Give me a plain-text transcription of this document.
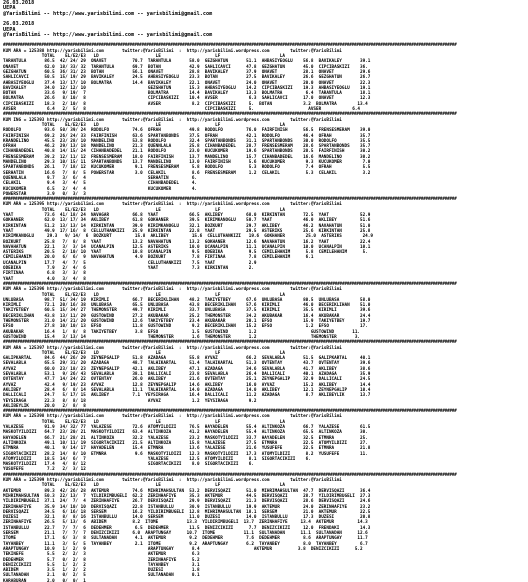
26.03.2018
UEPA
@YarisBilimi -- http://www.yarisbilimi.com -- yarisbilimi@gmail.com
26.03.2018
UEPA
@YarisBilimi -- http://www.yarisbilimi.com -- yarisbilimi@gmail.com
##############################################################################################################################################################################################
KUM ARA = 125388 http://yarisbilimi.com       twitter:@YarisBilimi  :  http://yarisbilimi.wordpress.com        twitter:@YarisBilimi
TOTAL    EL/E2/E3   LD                      LE                     LF                       LA
TARANTULA       86.5  42/ 24/ 29  ONAVET          70.7  TARANTULA       58.0  GEZGHATUN       51.1  AHBASIYEOGLU    56.8  BAVIKALEY       39.1
ONAVET          62.0  18/ 33/ 32  TARANTULA       69.7  BOTAN           42.9  SAHLICAVCI      47.8  GEZGHATUN       45.0  CIPCIBASKIZI    36.
GEZGHATUN       60.5  36/ 31/ 23  BOTAN           56.1  ONAVET          28.8  BAVIKALEY       37.9  ONAVET          28.1  ONAVET          29.6
SAHLICAVCI      50.5  15/ 19/ 29  BAVIKALEY       24.5  AHBASIYEOGLU    23.3  BOTAN           27.5  BAVIKALEY       26.6  GEZGHATUN       26.7
AHBASIYEOGLU    37.4  13/ 17/ 10  BOLMATRA        14.4  BAVIKALEY       22.1  ONAVET          24.0  ONAVET          20.0  ONAVET          22.3
BAVIKALEY       34.0  12/ 12/ 10                        GEZGHATUN       15.3  AHBASIYEOGLU    14.2  CIPCIBASKIZI    19.3  AHBASIYEOGLU    19.1
BOTAN           33.6   9/ 19/  7                        BOLMATRA        14.4  BAVIKALEY       13.3  BOLMATRA         6.4  TARANTULA       18.1
BOLMATRA        26.6   8/ 10/  8                        CIPCIBASKIZI    10.4  AVSER            6.3  SAHLICAVCI      17.0  ONAVET          12.3
CIPCIBASKIZI    18.3   2/ 10/  8                        AVSER            8.2  CIPCIBASKIZI     5.  BOTAN            3.2  BOLMATRA        13.4
AVSER            6.4   2/  5/  8                                              CIPCIBASKIZI     5.                     AVSER            6.4
##############################################################################################################################################################################################
KUM ING = 125393 http://yarisbilimi.com       twitter:@YarisBilimi  :  http://yarisbilimi.wordpress.com        twitter:@YarisBilimi
TOTAL    EL/E2/E3   LD                      LE                     LF                       LA
RODOLFO         93.6  50/ 39/ 24  RODOLFO         74.6  OFRAH           49.8  RODOLFO         76.0  FAIRFINISH      56.5  FRENSESMERAM    39.0
FAIRFINISH      69.2  26/ 24/ 33  FAIRFINISH      63.6  SPARTANBONDS    37.5  OFRAH           42.1  RODOLFO         46.4  OFRAH           35.7
KRANDELINO      45.5  23/ 28/ 10  MANDELINO       53.8  RODOLFO         32.4  SPARTANBONDS    31.1  SPARTANBONDS    30.0  RODOLFO         35.5
OFRAH           46.2  29/ 13/ 18  MANDELINO       21.3  QUENNLALA       25.8  CIHANBADEDEL    28.7  FRENSESMERAM    28.6  SPARTANBONDS    35.7
CIHANBADEDEL    40.8  14/ 15/ 24  CIHANBADEDEL    21.1  RODOLFO         23.0  KUCUKOMER       19.6  SPARTANBONDS    20.5  FAIRFINISH      30.2
FRENSESMERAM    39.2  12/ 11/ 12  FRENSESMERAM    18.0  FAIRFINISH      13.7  MANDELINO       15.7  CIHANBADEDEL    16.6  MANDELINO       30.2
MANDELINO       29.3  10/ 15/ 11  SPARTANBONDS    13.7  MANDELINO       13.0  FAIRFINISH       5.6  KUCUKOMER        9.3  KUCUKOMER        7.0
SPARTANBONDS    26.1   7/ 18/ 12  KUCUKOMER        9.1  FRENSESMERAM     5.8  RODOLFO          5.3  RODOLFO          7.4  OFRAH            5.5
SERHATIN        16.6   7/  8/  5  POWERSTAR        3.0  CELAKIL          8.6  FRENSESMERAM     1.2  CELAKIL          5.3  CELAKIL          3.2
QUENNLALA        9.7   3/  6/  4                        SERHATIN         6.
CELAKIL          9.4   3/  4/  5                        CIHANBADEDEL     4.
KUCUKOMER        6.5   2/  4/  4                        KUCUKOMER        4.
POWERSTAR        3.9   0/  3/  3
##############################################################################################################################################################################################
KUM ARA = 125395 http://yarisbilimi.com       twitter:@YarisBilimi  :  http://yarisbilimi.wordpress.com        twitter:@YarisBilimi
TOTAL    EL/E2/E3   LD                      LE                     LF                       LA
YAAT            73.6  41/ 18/ 24  NAVAGAR         66.8  YAAT            66.5  AKLIBEY         68.0  KIRKINTAN       72.5  YAAT            52.9
GOKHANER        62.0  13/ 17/ 34  AKLIBEY         61.8  GOKHANER        39.5  KIRIMKANOGLU    50.7  YAAT            46.0  AKLIBEY         51.6
KIRKINTAN       51.2  13/ 13/ 14  KIRKINTAN       39.9  KIRIMKANOGLU    32.1  BOZKURT         29.7  AKLIBEY         46.2  NAVAHATUN       51.0
YAAT            49.9  17/ 16/  8  CELLUTHANKIZI   25.9  KIRKINTAN       22.8  YAAT            29.5  ASTERIKS        25.6  KIRKINTAN       25.8
KIRIMKANOGLU     29.3   9/ 14/  6  BOZKURT         15.8  AKLIBEY         15.6  CELLUTHANKIZI   19.6  GOKHANER        25.0  ASTERIKS        24.9
BOZKURT         25.8   7/  8/  8  YAAT            13.2  NAVAHATUN       13.2  GOKHANER        12.6  NAVAHATUN       16.2  YAAT            22.4
NAVAHATUN       22.1   3/  3/ 14  UCANALPIN       12.5  ASTERIKS        10.0  UCANALPIN       11.1  UCANALPIN       10.0  UCANALPIN       10.1
ASTERIKS        20.5   2/ 10/ 10  YAAT            10.8  UCANALPIN        9.5  ODEBIKA          9.5  CEMILEHANIM      5.8  CEMILEHANIM      5.
CEMILEHANIM     20.0   6/  6/  9  NAVAHATUN        4.9  BOZKURT          7.8  FIRTINAA         7.8  CEMILEHANIM      6.1
UCANALPIN       17.7   4/  7/  5                        CELLUTHANKIZI    7.5  YAAT             2.9
ODEBIKA          7.9   2/  4/  6                        YAAT             7.3  KIRKINTAN        2.
FIRTINAA         6.8   3/  3/  8
YAAT             4.0   3/  4/  8
##############################################################################################################################################################################################
KUM ARA = 125396 http://yarisbilimi.com       twitter:@YarisBilimi  :  http://yarisbilimi.wordpress.com        twitter:@YarisBilimi
TOTAL    EL/E2/E3   LD                      LE                     LF                       LA
UNLUBASA        98.7  51/ 34/ 19  KIRIMLI         66.7  BECERIKLIHAN    48.2  TAKIYETBEY      67.6  UNLUBASA        80.5  UNLUBASA        58.0
KIRIMLI         72.1  20/ 16/ 38  UNLUBASA        65.5  UNLUBASA        43.8  BECERIKLIHAN    57.6  KIRIMLI         46.0  BECERIKLIHAN    51.0
TAKIYETBEY      60.5  15/ 34/ 27  THEMONSTER      49.7  KIRIMLI         33.7  UNLUBASA        37.5  KIRIMLI         35.5  KIRIMLI         39.6
BECERIKLIHAN    43.8  13/ 11/ 29  GUSTOWIND       27.2  AKUBAKAR        25.2  THEMONSTER      34.2  AKUBAKAR        16.4  AKUBAKAR        24.4
THEMONSTER      31.0  14/ 21/ 20  GUSTOWIND       12.6  TAKIYETBEY      23.4  AKUBAKAR        20.1  EFSO            15.9  TAKIYETBEY      19.7
EFSO            27.8  10/ 10/ 13  EFSO            11.8  GUSTOWIND        9.2  BECERIKLIHAN    15.2  EFSO             1.2  EFSO            17.
AKUBAKAR        16.4   1/  8/  8  TAKIYETBEY       3.8  EFSO             1.5  GUSTOWIND        1.2                     GUSTOWIND       11.
GUSTOWIND       15.4   3/ 13/ 14                        THEMONSTER       1.6  THEMONSTER       1.2                     THEMONSTER       3.
##############################################################################################################################################################################################
KUM ARA = 125397 http://yarisbilimi.com       twitter:@YarisBilimi  :  http://yarisbilimi.wordpress.com        twitter:@YarisBilimi
TOTAL    EL/E2/E3   LD                      LE                     LF                       LA
GALIPKARTAL     84.6  44/ 26/ 29  ZEYNEPGALIP     51.8  AZADAGA         55.8  AYVAZ           66.2  SEVALABLA       51.5  GALIPKARTAL     40.1
SEVALABLA       65.5  29/ 31/ 20  AZADAGA         48.7  TALHIKARTAL     51.4  TALHIKARTAL     51.3  OVTENTAY        43.7  OVTENTAY        39.6
AYVAZ           60.0  23/ 18/ 23  ZEYNEPGALIP     42.1  AKLIBEY         47.1  AZADAGA         34.6  SEVALABLA       41.7  AKLIBEY         38.6
SEVALABLA       53.1   9/ 26/ 43  SEVALABLA       38.1  DALLICALI       23.8  SEVALABLA       26.4  DALLICALI       40.1  AZADAGA         35.9
OVTENTAY        47.7  14/ 24/ 22  OVTENTAY        26.0  AKLIBEY         21.6  OVTENTAY        25.1  ZEYNEPGALIP     32.9  DALLICALI       24.5
AYVAZ           42.4   9/ 19/ 23  AYVAZ           12.8  ZEYNEPGALIP     14.6  AKLIBEY         16.0  AYVAZ           15.2  AKLIBEY         14.4
AKLIBEY         28.4   6/  8/ 14  SEVALABLA       11.1  TALHIKARTAL     14.0  AZADAGA         14.0  AKLIBEY         12.1  ZEYNEPGALIP     10.4
DALLICALI       24.7   5/ 17/ 15  AKLIBEY         7.1  YEYSIRAGA        16.4  DALLICALI       11.2  AZADAGA          8.7  AKLIBEYLIK      13.7
YEYSIRAGA       22.3   8/  8/ 18                        AYVAZ            1.2  YEYSIRAGA        9.2
AKLIBEYLIK      20.0   2/  8/  8
##############################################################################################################################################################################################
KUM ARA = 125398 http://yarisbilimi.com       twitter:@YarisBilimi  :  http://yarisbilimi.wordpress.com        twitter:@YarisBilimi
TOTAL    EL/E2/E3   LD                      LE                     LF                       LA
YALAZESE        91.9  34/ 32/ 77  YALAZESE        72.6  ATOMYILDIZI     76.5  HAYADELEN       55.4  ALTINKOZA       66.7  YALAZESE        61.5
MASKOTYILDIZI   64.7  23/ 20/ 21  MASKOTYILDIZI   63.4  ALTINKOZA       41.2  HAYADELEN       55.4  ALTINKOZA       65.5  ALTINKOZA       30.
HAYADELEN       66.7  21/ 28/ 21  ALTINKOZA       32.2  YALAZESE        23.2  MASKOTYILDIZI   33.7  HAYADELEN       32.5  ETMNRA          25.
ALTINKOZA       49.1  10/ 11/ 19  SIGORTACIKIZI   21.5  ALTINKOZA       15.8  YALAZESE        27.5  ETMNRA          22.5  ATOMYILDIZI     27.
ETMNRA          40.1   9/ 14/ 17  HAYADELEN       15.4  ETMNRA          13.6  YALAZESE        21.6  YUSUFEFE        22.5  ETMNRA          21.8
SIGORTACIKIZI   28.2  14/  8/ 10  ETMNRA           9.6  MASKOTYILDIZI   12.3  MASKOTYILDIZI   17.3  ATOMYILDIZI      8.2  YUSUFEFE        11.
ATOMYILDIZI     18.5  14/  6/  7                        YALAZESE        12.5  ATOMYILDIZI      8.1  SIGORTACIKIZI    6.
MASKOTYILDIZI   17.4   4/  8/ 12                        SIGORTACIKIZI    8.0  SIGORTACIKIZI    6.
YUSUFEFE         7.2   2/  3/ 12
##############################################################################################################################################################################################
KUM ARA = 125399 http://yarisbilimi.com       twitter:@YarisBilimi  :  http://yarisbilimi.wordpress.com        twitter:@YarisBilimi
TOTAL    EL/E2/E3   LD                      LE                     LF                       LA
AKTEMUR         89.3  42/ 26/ 28  AKTEMUR         74.6  MIHRIMAHSULTAN  53.2  DERVISQAZI      51.0  MIHRIMAHSULTAN  47.7  DERVISQAZI      36.4
MIHRIMAHSULTAN  50.3  22/ 13/  7  YILDIRIMBUGELI  62.2  ZERINHAFIYE     35.3  AKTEMUR         44.5  DERVISQAZI      28.7  YILDIRIMBUGELI  27.3
YILDIRIMBUGELI  37.1  24/  7/  4  ZERINHAFIYE     26.7  DERVISQAZI      29.9  DERVISQAZI      21.3  DERVISQAZI      28.6  DERVISQAZI      24.6
ZERINHAFIYE     35.9  14/ 10/ 10  DERVISQAZI      22.8  ISTANBULLU      30.9  ISTANBULLU      19.9  AKTEMUR         24.0  ZERINHAFIYE     23.2
DERVISQAZI      34.5   6/ 16/ 18  SERSEM          16.2  YILDIRIMBUGELI  12.8  MIHRIMAHSULTAN  18.1  SERSEM          21.0  AKTEMUR         22.5
DUZESI          32.1   8/  8/ 16  ISTANBULLU      14.0  SERSEM          11.0  DUZESI          14.0  ISTANBULLU      17.3  DUZESI          20.8
ZERINHAFIYE     26.5   5/ 13/  6  ABIDEM          8.2  ITOME           13.3  YILDIRIMBUGELI  13.7  ZERINHAFIYE     13.4  AKTEMUR         14.3
ISTANBULLU      22.7   7/  7/  6  DEDEHMER         6.5  DEDEHMER        11.5  DENIZCIKIZI      7.7  DENIZCIKIZI     12.0  FRENDAKI        14.3
SERSEM          21.1   7/  7/  7  DENIZCIKIZI     6.0  ARAPTUNGAY      10.7  ITOME           11.1  SULTANADAN      11.1  SULTANADAN      12.6
ITOME           17.1   6/  3/  8  SULTANADAN       4.1  AKTEMUR         9.2  DEDEHMER         7.6  DEDEHMER         8.6  ARAPTUNGAY      11.7
TAYANBEY        11.1   3/  5/  5  TAYANBEY         2.1  ITOME           9.2  ARAPTUNGAY       6.2  TAYANBEY         8.0  TAYANBEY         6.7
ARAPTUNGAY      10.9   1/  2/  9                        ARAPTUNGAY       8.4                     AKTEMUR          3.8  DENIZCIKIZI      5.2
TEKINEFE         5.5   2/  2/  3                        AKTEMUR          6.3
DEDEHMER         5.7   0/  2/  8                        ZERINHAFIYE      5.2
DENIZCIKIZI      5.5   1/  2/  2                        TAYANBEY         3.1
ABIDEM           3.5   1/  2/  2                        DUZESI           1.8
SULTANADAN       2.1   0/  2/  5                        SULTANADAN       0.1
KARABURAN        2.0   0/  0/  1
